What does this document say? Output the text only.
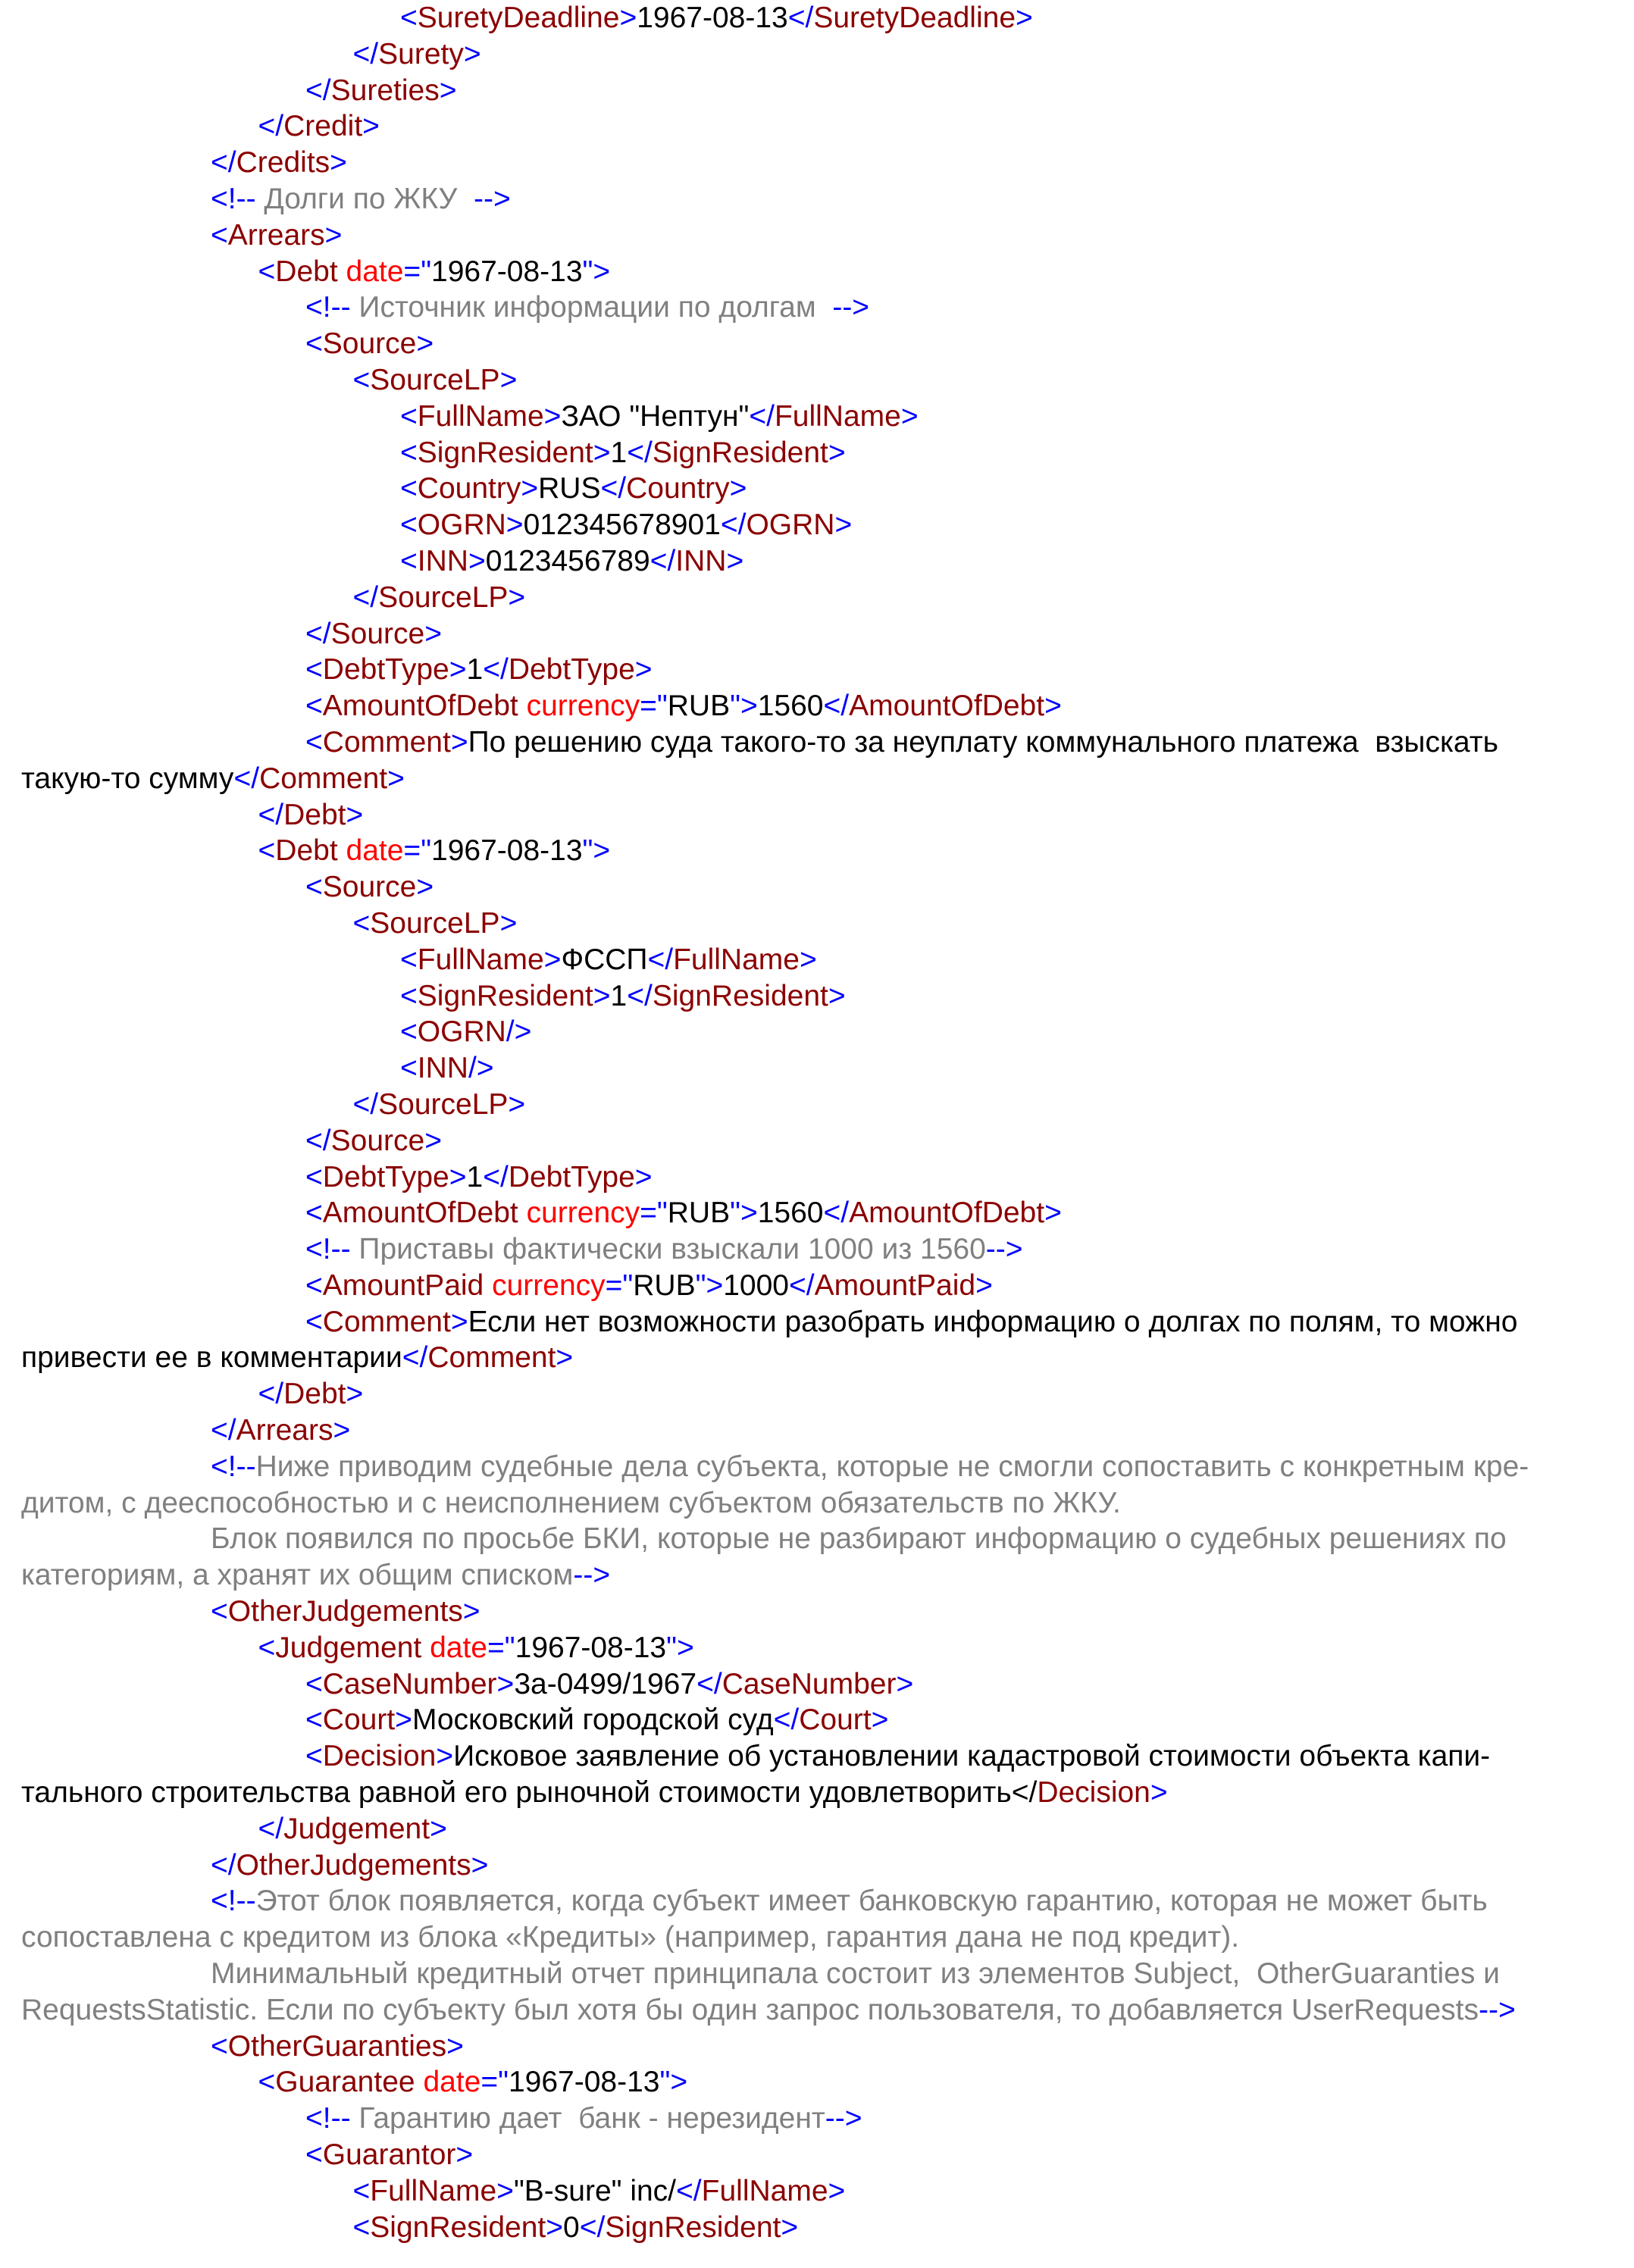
<SuretyDeadline>1967-08-13</SuretyDeadline>
</Surety>
</Sureties>
</Credit>
</Credits>
<!-- Долги по ЖКУ  -->
<Arrears>
<Debt date="1967-08-13">
<!-- Источник информации по долгам  -->
<Source>
<SourceLP>
<FullName>ЗАО "Нептун"</FullName>
<SignResident>1</SignResident>
<Country>RUS</Country>
<OGRN>012345678901</OGRN>
<INN>0123456789</INN>
</SourceLP>
</Source>
<DebtType>1</DebtType>
<AmountOfDebt currency="RUB">1560</AmountOfDebt>
<Comment>По решению суда такого-то за неуплату коммунального платежа  взыскать
такую-то сумму</Comment>
</Debt>
<Debt date="1967-08-13">
<Source>
<SourceLP>
<FullName>ФССП</FullName>
<SignResident>1</SignResident>
<OGRN/>
<INN/>
</SourceLP>
</Source>
<DebtType>1</DebtType>
<AmountOfDebt currency="RUB">1560</AmountOfDebt>
<!-- Приставы фактически взыскали 1000 из 1560-->
<AmountPaid currency="RUB">1000</AmountPaid>
<Comment>Если нет возможности разобрать информацию о долгах по полям, то можно
привести ее в комментарии</Comment>
</Debt>
</Arrears>
<!--Ниже приводим судебные дела субъекта, которые не смогли сопоставить с конкретным кре-
дитом, с дееспособностью и с неисполнением субъектом обязательств по ЖКУ.
Блок появился по просьбе БКИ, которые не разбирают информацию о судебных решениях по
категориям, а хранят их общим списком-->
<OtherJudgements>
<Judgement date="1967-08-13">
<CaseNumber>3а-0499/1967</CaseNumber>
<Court>Московский городской суд</Court>
<Decision>Исковое заявление об установлении кадастровой стоимости объекта капи-
тального строительства равной его рыночной стоимости удовлетворить</Decision>
</Judgement>
</OtherJudgements>
<!--Этот блок появляется, когда субъект имеет банковскую гарантию, которая не может быть
сопоставлена с кредитом из блока «Кредиты» (например, гарантия дана не под кредит).
Минимальный кредитный отчет принципала состоит из элементов Subject,  OtherGuaranties и
RequestsStatistic. Если по субъекту был хотя бы один запрос пользователя, то добавляется UserRequests-->
<OtherGuaranties>
<Guarantee date="1967-08-13">
<!-- Гарантию дает  банк - нерезидент-->
<Guarantor>
<FullName>"B-sure" inc/</FullName>
<SignResident>0</SignResident>
